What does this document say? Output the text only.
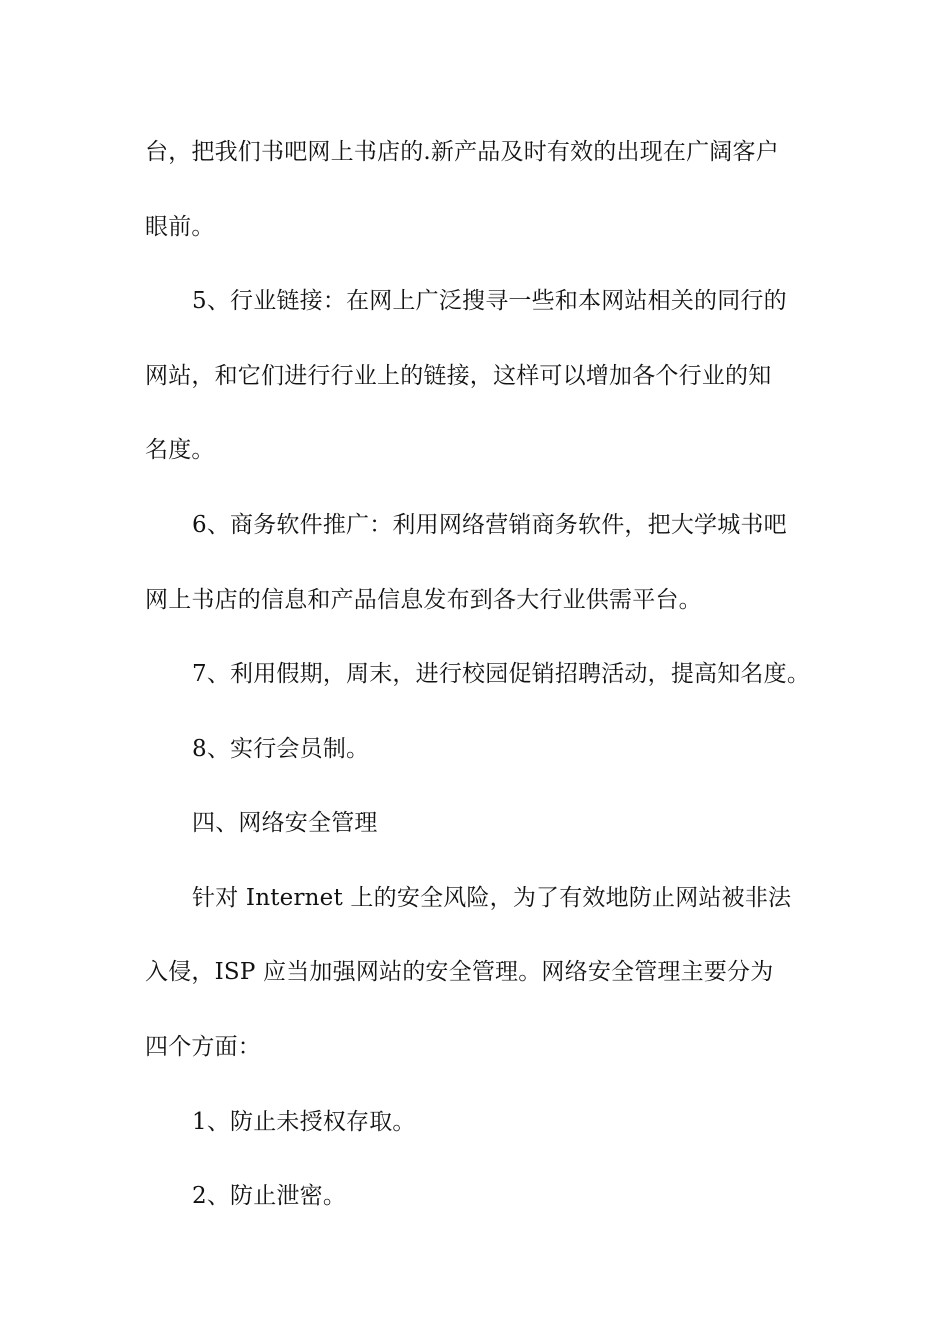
台，把我们书吧网上书店的.新产品及时有效的出现在广阔客户
眼前。
5、行业链接：在网上广泛搜寻一些和本网站相关的同行的
网站，和它们进行行业上的链接，这样可以增加各个行业的知
名度。
6、商务软件推广：利用网络营销商务软件，把大学城书吧
网上书店的信息和产品信息发布到各大行业供需平台。
7、利用假期，周末，进行校园促销招聘活动，提高知名度。
8、实行会员制。
四、网络安全管理
针对 Internet 上的安全风险，为了有效地防止网站被非法
入侵，ISP 应当加强网站的安全管理。网络安全管理主要分为
四个方面：
1、防止未授权存取。
2、防止泄密。
